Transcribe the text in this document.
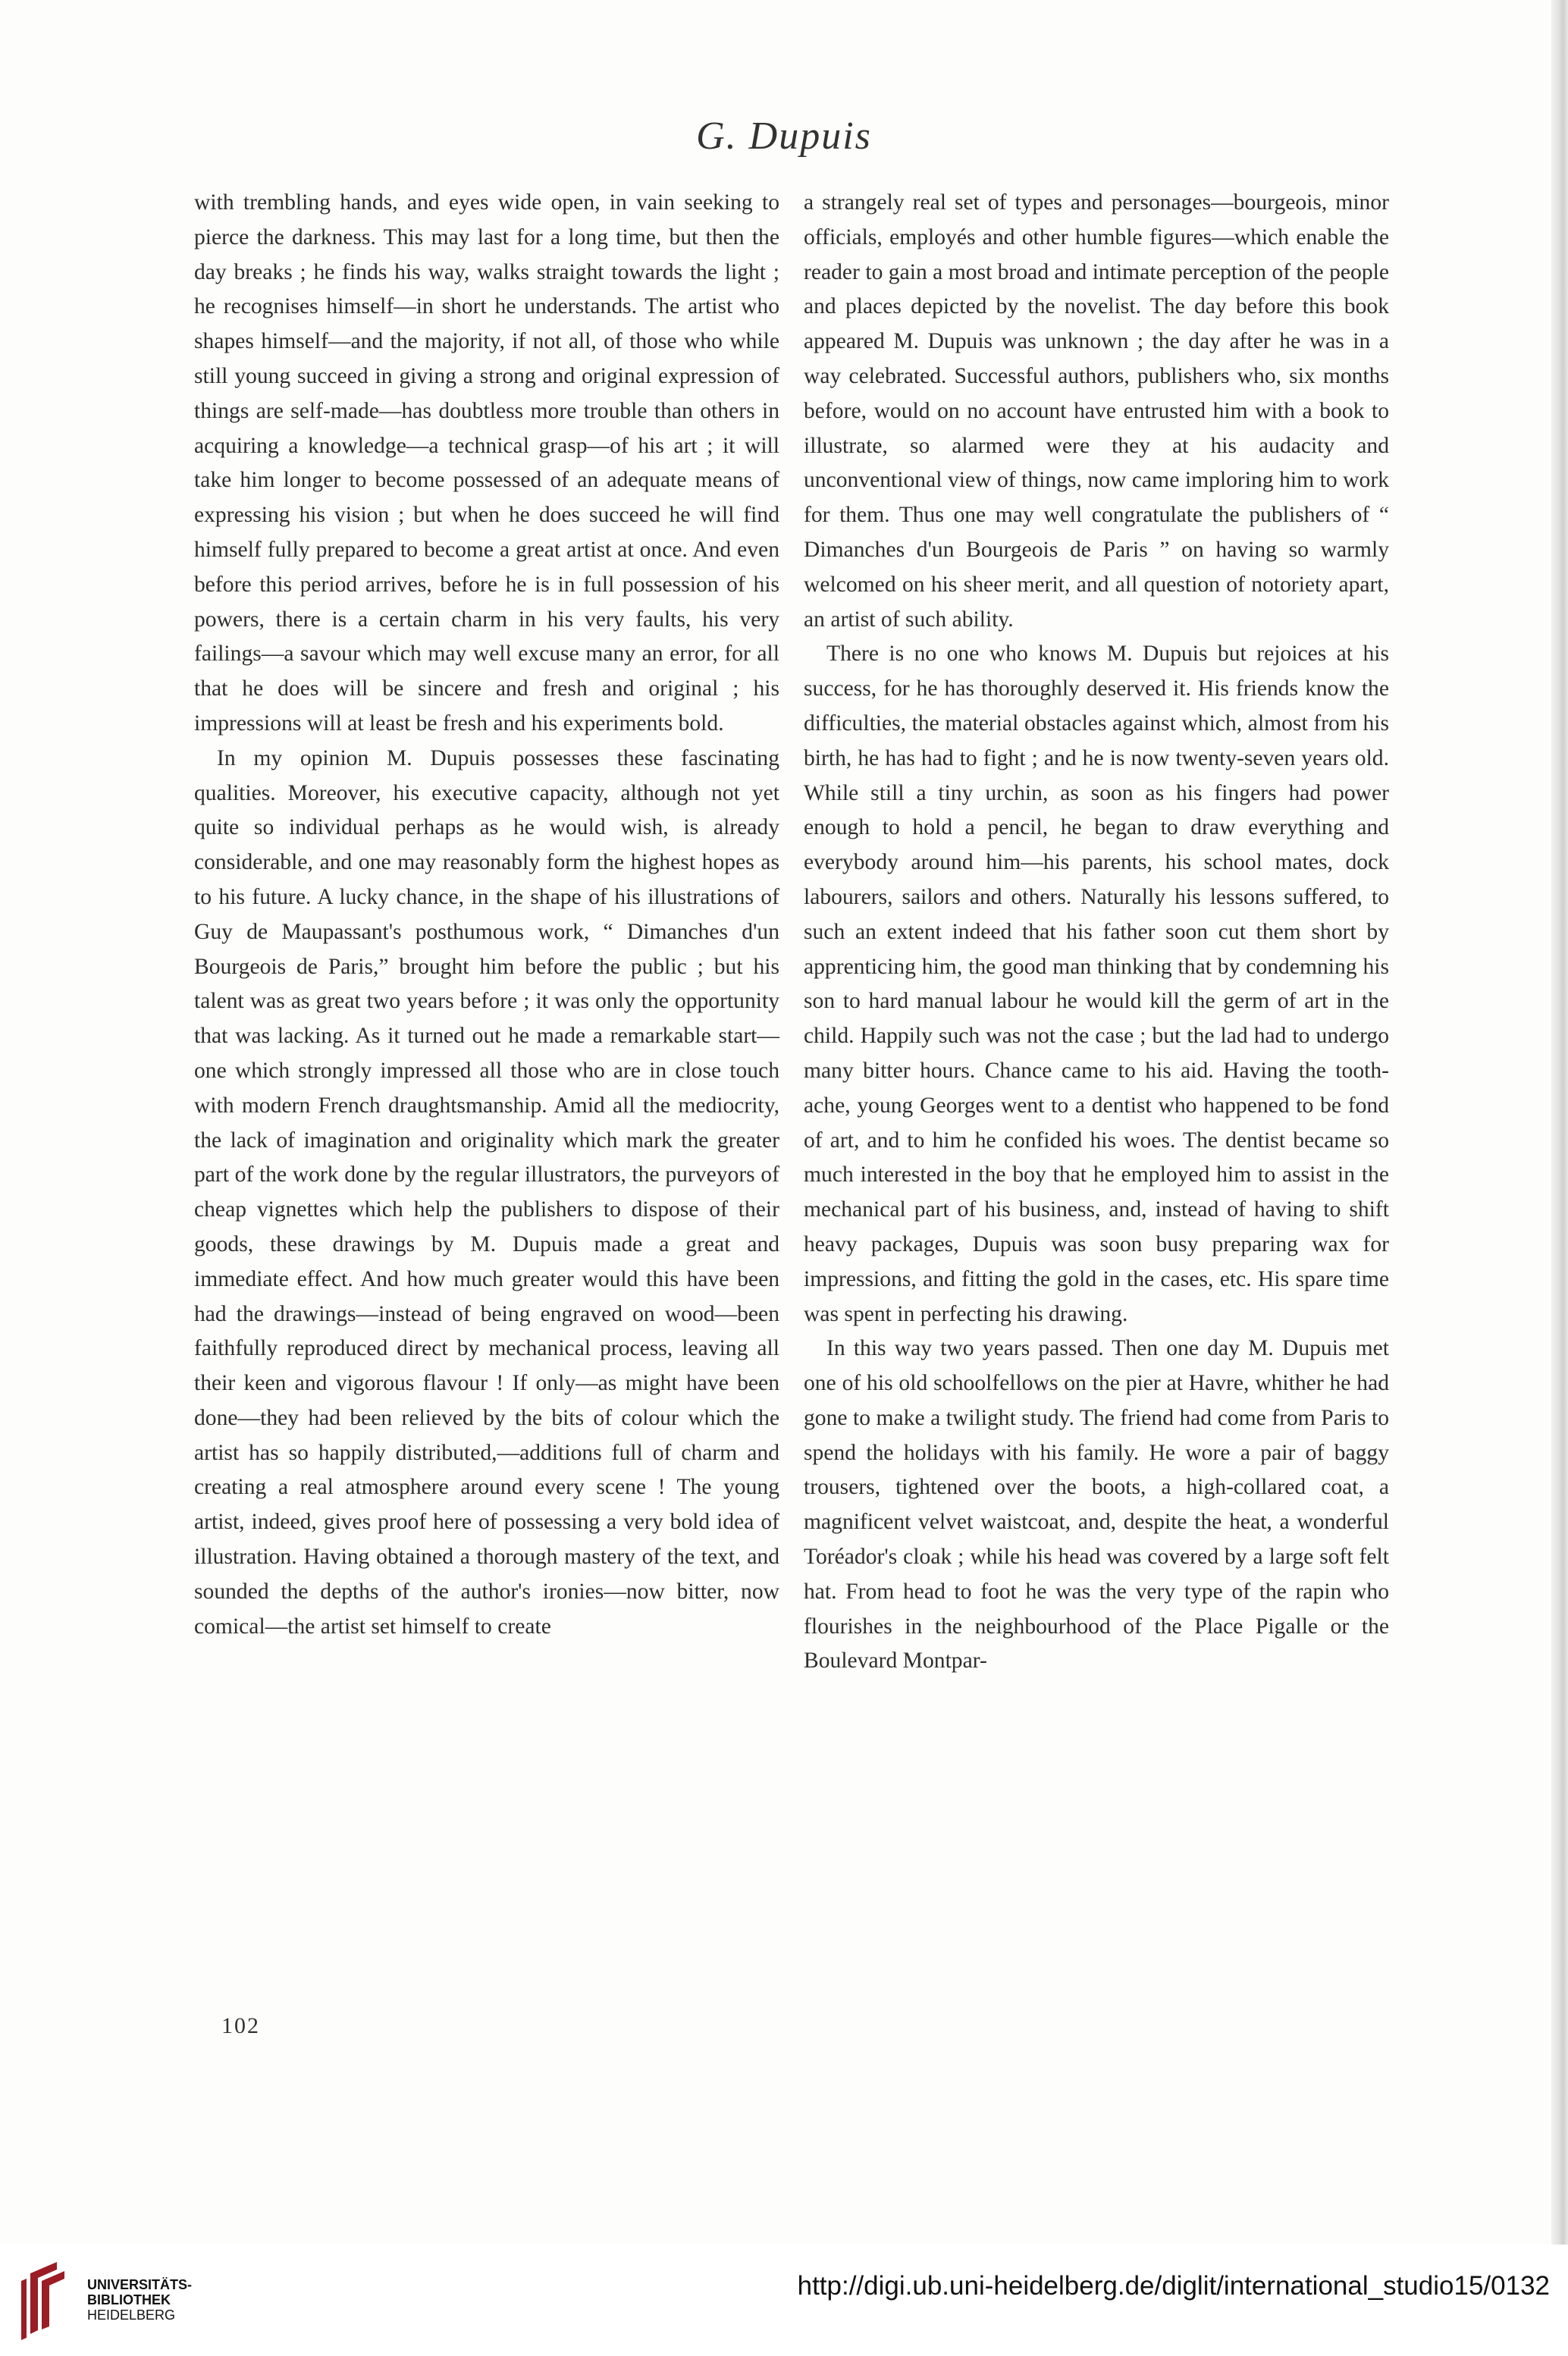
G. Dupuis

with trembling hands, and eyes wide open, in vain seeking to pierce the darkness. This may last for a long time, but then the day breaks ; he finds his way, walks straight towards the light ; he recognises himself—in short he understands. The artist who shapes himself—and the majority, if not all, of those who while still young succeed in giving a strong and original expression of things are self-made—has doubtless more trouble than others in acquiring a knowledge—a technical grasp—of his art ; it will take him longer to become possessed of an adequate means of expressing his vision ; but when he does succeed he will find himself fully prepared to become a great artist at once. And even before this period arrives, before he is in full possession of his powers, there is a certain charm in his very faults, his very failings—a savour which may well excuse many an error, for all that he does will be sincere and fresh and original ; his impressions will at least be fresh and his experiments bold.

In my opinion M. Dupuis possesses these fascinating qualities. Moreover, his executive capacity, although not yet quite so individual perhaps as he would wish, is already considerable, and one may reasonably form the highest hopes as to his future. A lucky chance, in the shape of his illustrations of Guy de Maupassant's posthumous work, “ Dimanches d'un Bourgeois de Paris,” brought him before the public ; but his talent was as great two years before ; it was only the opportunity that was lacking. As it turned out he made a remarkable start—one which strongly impressed all those who are in close touch with modern French draughtsmanship. Amid all the mediocrity, the lack of imagination and originality which mark the greater part of the work done by the regular illustrators, the purveyors of cheap vignettes which help the publishers to dispose of their goods, these drawings by M. Dupuis made a great and immediate effect. And how much greater would this have been had the drawings—instead of being engraved on wood—been faithfully reproduced direct by mechanical process, leaving all their keen and vigorous flavour ! If only—as might have been done—they had been relieved by the bits of colour which the artist has so happily distributed,—additions full of charm and creating a real atmosphere around every scene ! The young artist, indeed, gives proof here of possessing a very bold idea of illustration. Having obtained a thorough mastery of the text, and sounded the depths of the author's ironies—now bitter, now comical—the artist set himself to create

a strangely real set of types and personages—bourgeois, minor officials, employés and other humble figures—which enable the reader to gain a most broad and intimate perception of the people and places depicted by the novelist. The day before this book appeared M. Dupuis was unknown ; the day after he was in a way celebrated. Successful authors, publishers who, six months before, would on no account have entrusted him with a book to illustrate, so alarmed were they at his audacity and unconventional view of things, now came imploring him to work for them. Thus one may well congratulate the publishers of “ Dimanches d'un Bourgeois de Paris ” on having so warmly welcomed on his sheer merit, and all question of notoriety apart, an artist of such ability.

There is no one who knows M. Dupuis but rejoices at his success, for he has thoroughly deserved it. His friends know the difficulties, the material obstacles against which, almost from his birth, he has had to fight ; and he is now twenty-seven years old. While still a tiny urchin, as soon as his fingers had power enough to hold a pencil, he began to draw everything and everybody around him—his parents, his school mates, dock labourers, sailors and others. Naturally his lessons suffered, to such an extent indeed that his father soon cut them short by apprenticing him, the good man thinking that by condemning his son to hard manual labour he would kill the germ of art in the child. Happily such was not the case ; but the lad had to undergo many bitter hours. Chance came to his aid. Having the tooth-ache, young Georges went to a dentist who happened to be fond of art, and to him he confided his woes. The dentist became so much interested in the boy that he employed him to assist in the mechanical part of his business, and, instead of having to shift heavy packages, Dupuis was soon busy preparing wax for impressions, and fitting the gold in the cases, etc. His spare time was spent in perfecting his drawing.

In this way two years passed. Then one day M. Dupuis met one of his old schoolfellows on the pier at Havre, whither he had gone to make a twilight study. The friend had come from Paris to spend the holidays with his family. He wore a pair of baggy trousers, tightened over the boots, a high-collared coat, a magnificent velvet waistcoat, and, despite the heat, a wonderful Toréador's cloak ; while his head was covered by a large soft felt hat. From head to foot he was the very type of the rapin who flourishes in the neighbourhood of the Place Pigalle or the Boulevard Montpar-

102
UNIVERSITÄTS-
BIBLIOTHEK
HEIDELBERG
http://digi.ub.uni-heidelberg.de/diglit/international_studio15/0132
